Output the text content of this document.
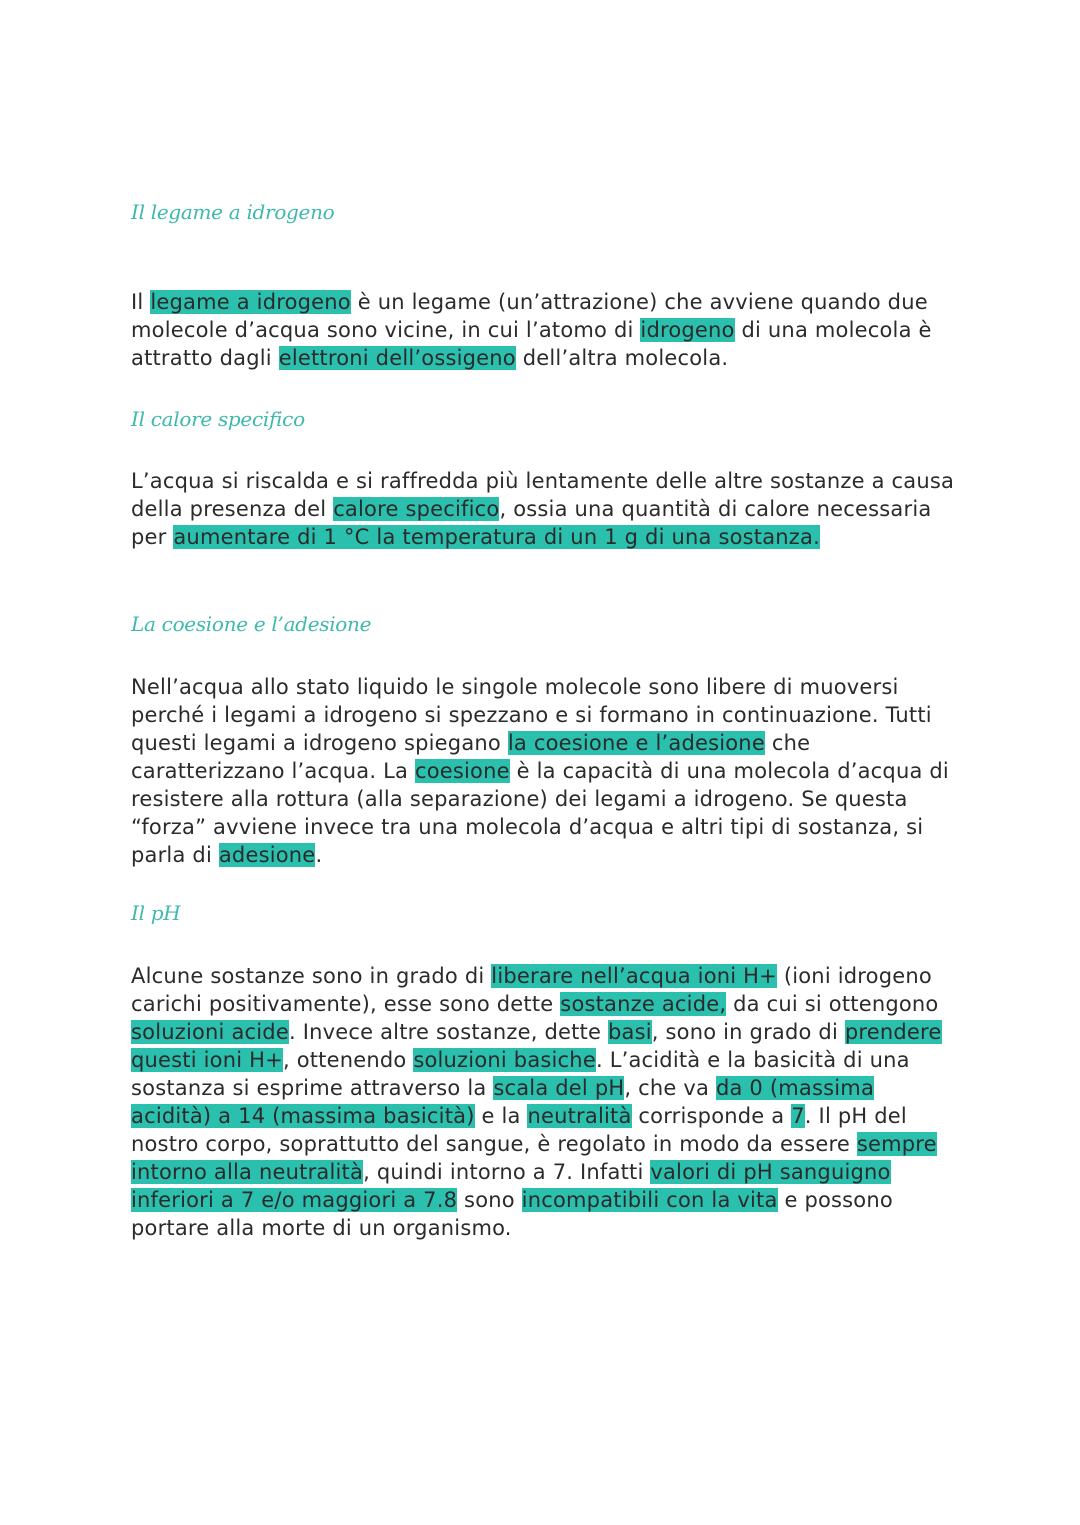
Il legame a idrogeno

Il legame a idrogeno è un legame (un’attrazione) che avviene quando due molecole d’acqua sono vicine, in cui l’atomo di idrogeno di una molecola è attratto dagli elettroni dell’ossigeno dell’altra molecola.

Il calore specifico

L’acqua si riscalda e si raffredda più lentamente delle altre sostanze a causa della presenza del calore specifico, ossia una quantità di calore necessaria per aumentare di 1 °C la temperatura di un 1 g di una sostanza.

La coesione e l’adesione

Nell’acqua allo stato liquido le singole molecole sono libere di muoversi perché i legami a idrogeno si spezzano e si formano in continuazione. Tutti questi legami a idrogeno spiegano la coesione e l’adesione che caratterizzano l’acqua. La coesione è la capacità di una molecola d’acqua di resistere alla rottura (alla separazione) dei legami a idrogeno. Se questa “forza” avviene invece tra una molecola d’acqua e altri tipi di sostanza, si parla di adesione.

Il pH

Alcune sostanze sono in grado di liberare nell’acqua ioni H+ (ioni idrogeno carichi positivamente), esse sono dette sostanze acide, da cui si ottengono soluzioni acide. Invece altre sostanze, dette basi, sono in grado di prendere questi ioni H+, ottenendo soluzioni basiche. L’acidità e la basicità di una sostanza si esprime attraverso la scala del pH, che va da 0 (massima acidità) a 14 (massima basicità) e la neutralità corrisponde a 7. Il pH del nostro corpo, soprattutto del sangue, è regolato in modo da essere sempre intorno alla neutralità, quindi intorno a 7. Infatti valori di pH sanguigno inferiori a 7 e/o maggiori a 7.8 sono incompatibili con la vita e possono portare alla morte di un organismo.
